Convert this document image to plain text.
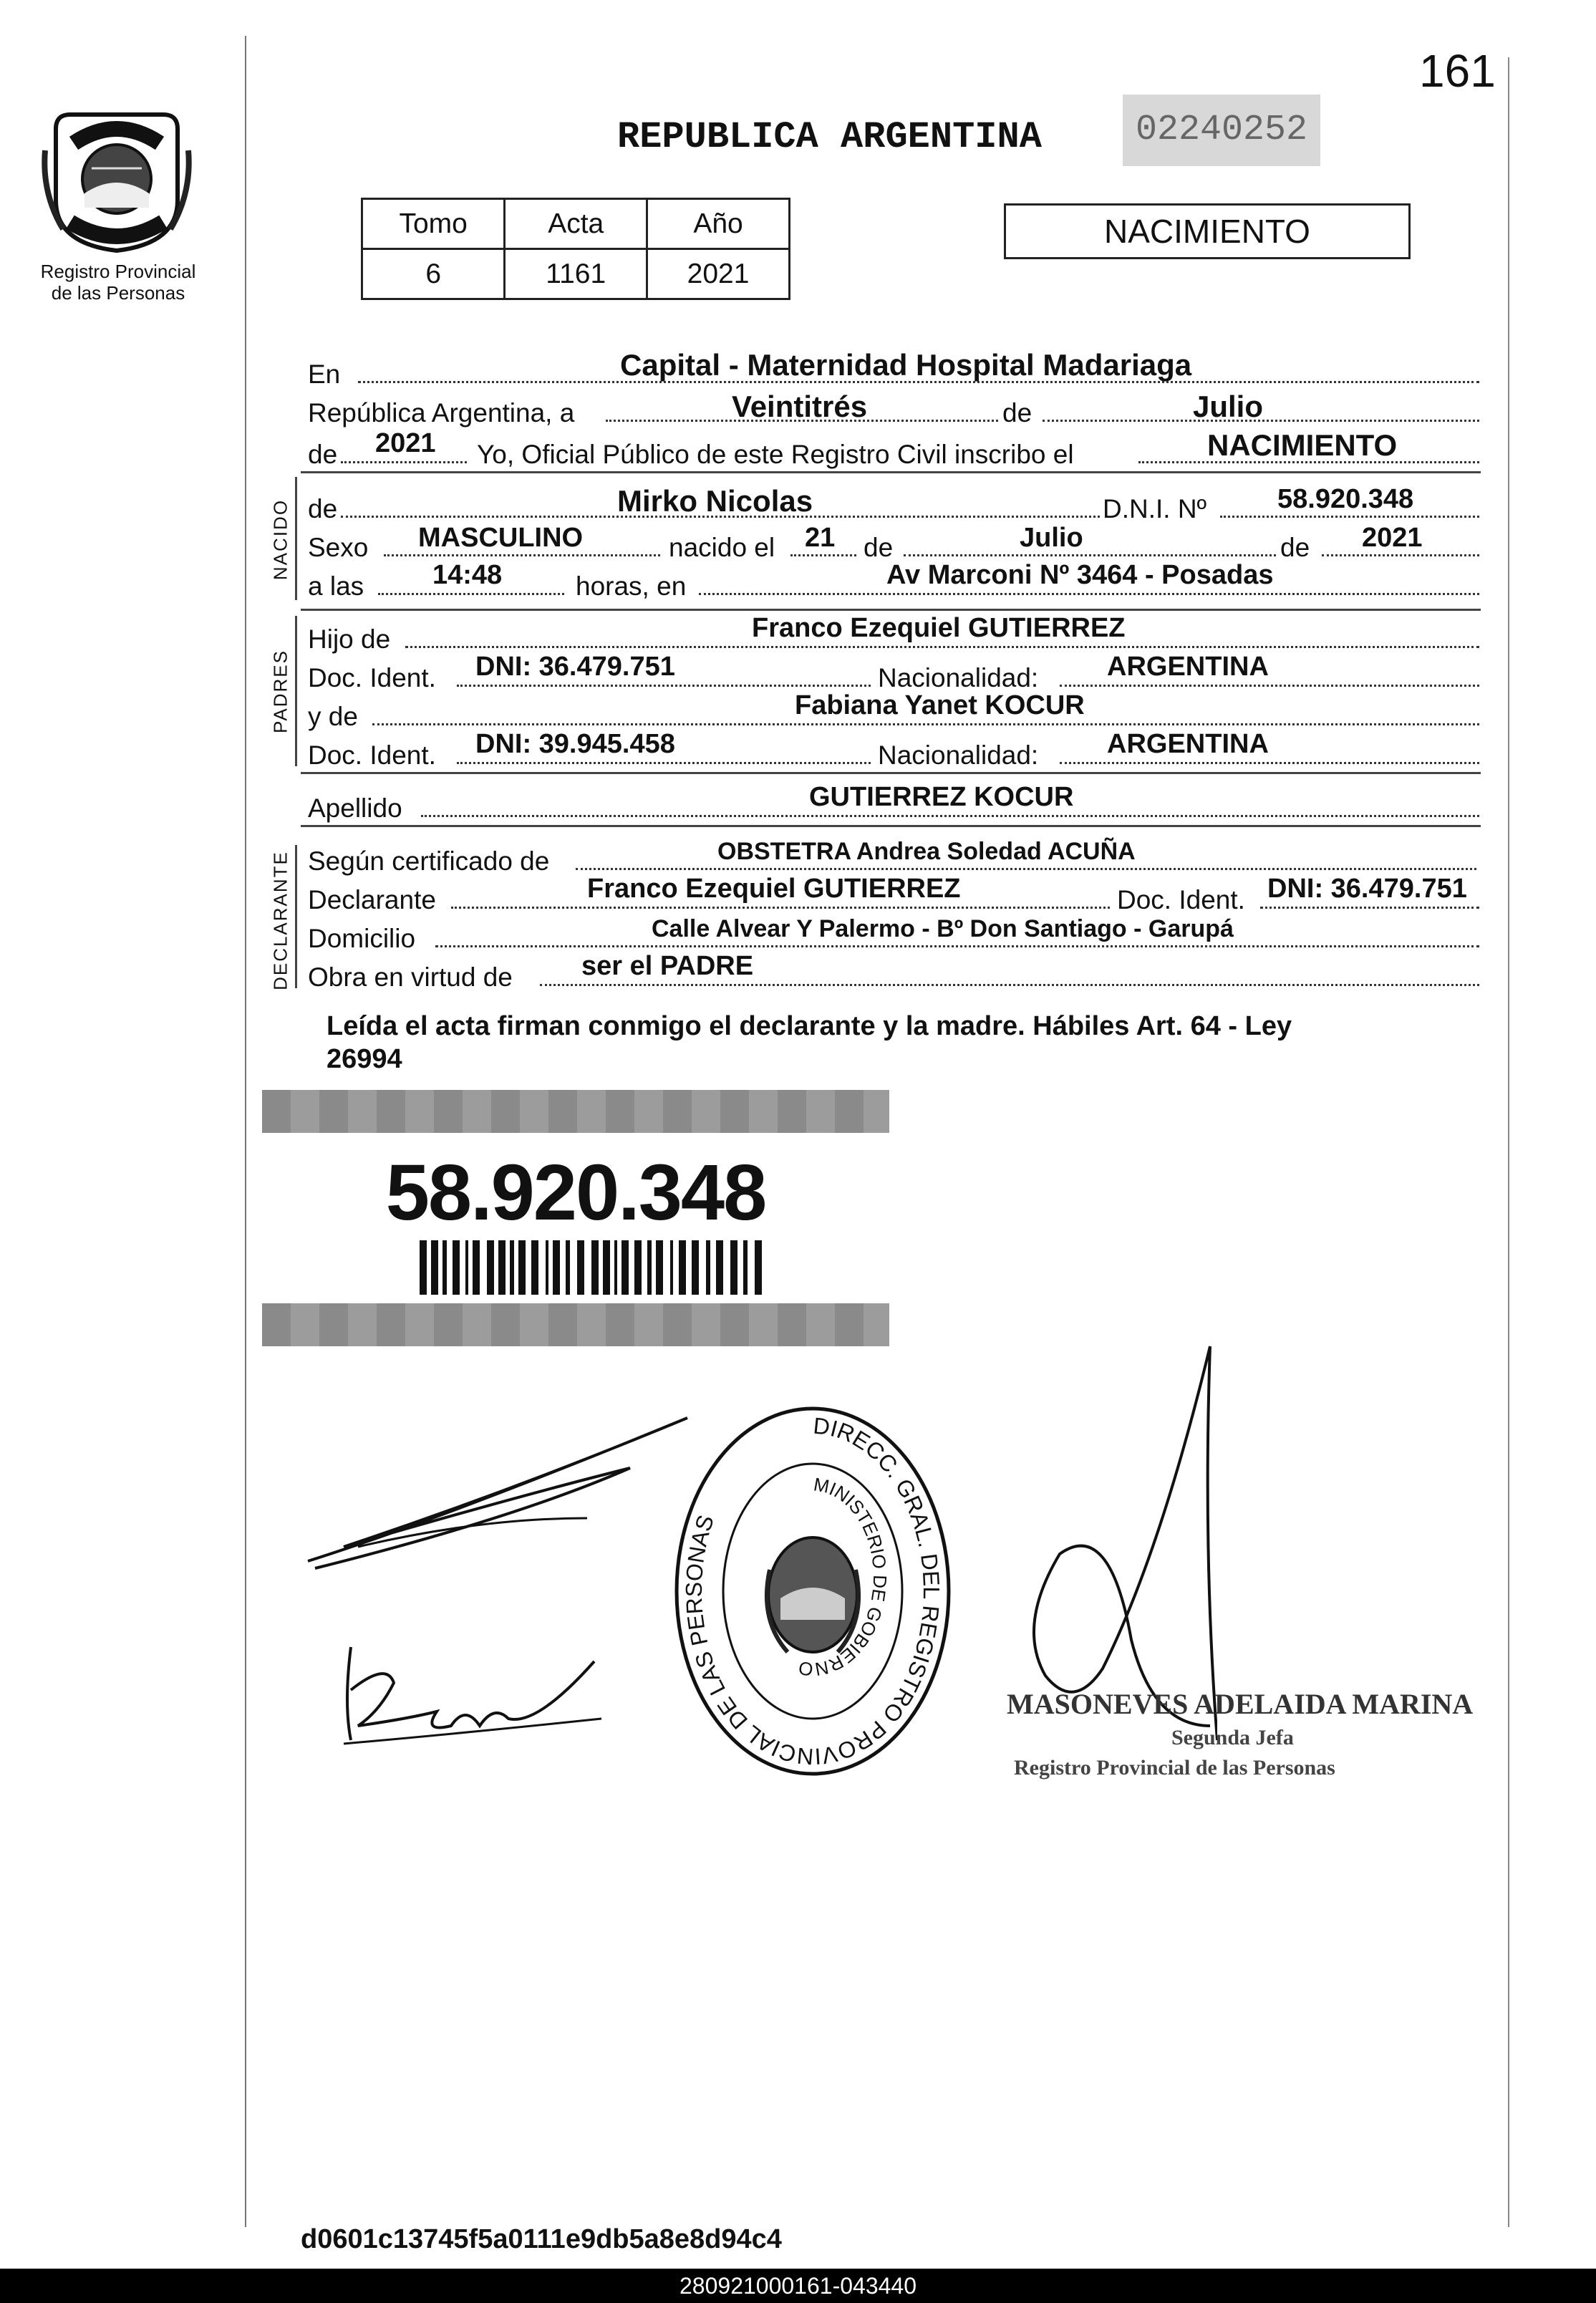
161
Registro Provincial
de las Personas
REPUBLICA ARGENTINA	02240252
Tomo	Acta	Año
6	1161	2021
NACIMIENTO
En	Capital - Maternidad Hospital Madariaga
República Argentina, a	Veintitrés	de	Julio
de 2021 Yo, Oficial Público de este Registro Civil inscribo el	NACIMIENTO
NACIDO de	Mirko Nicolas	D.N.I. Nº	58.920.348
Sexo MASCULINO	nacido el 21 de	Julio	de 2021
a las	14:48	horas, en	Av Marconi Nº 3464 - Posadas
PADRES
Hijo de	Franco Ezequiel GUTIERREZ
Doc. Ident. DNI: 36.479.751	Nacionalidad:	ARGENTINA
y de	Fabiana Yanet KOCUR
Doc. Ident. DNI: 39.945.458	Nacionalidad:	ARGENTINA
Apellido	GUTIERREZ KOCUR
DECLARANTE Según certificado de	OBSTETRA Andrea Soledad ACUÑA
Declarante	Franco Ezequiel GUTIERREZ	Doc. Ident. DNI: 36.479.751
Domicilio	Calle Alvear Y Palermo - Bº Don Santiago - Garupá
Obra en virtud de	ser el PADRE
Leída el acta firman conmigo el declarante y la madre. Hábiles Art. 64 - Ley
26994
58.920.348
DIRECC. GRAL. DEL REGISTRO PROVINCIAL DE LAS PERSONAS
MINISTERIO DE GOBIERNO
MASONEVES ADELAIDA MARINA
Segunda Jefa
Registro Provincial de las Personas
d0601c13745f5a0111e9db5a8e8d94c4
280921000161-043440
